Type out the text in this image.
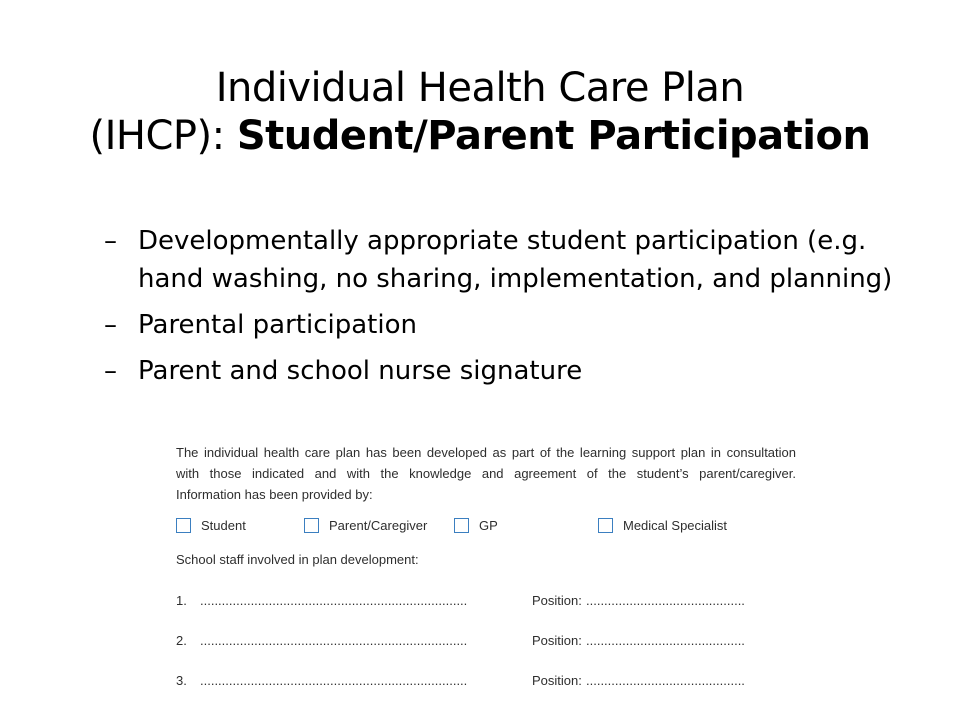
Individual Health Care Plan
(IHCP): Student/Parent Participation
– Developmentally appropriate student participation (e.g.
hand washing, no sharing, implementation, and planning)
– Parental participation
– Parent and school nurse signature
The individual health care plan has been developed as part of the learning support plan in consultation
with those indicated and with the knowledge and agreement of the student’s parent/caregiver.
Information has been provided by:
Student	Parent/Caregiver	GP	Medical Specialist
School staff involved in plan development:
1. ..........................................................................	Position: ............................................
2. ..........................................................................	Position: ............................................
3. ..........................................................................	Position: ............................................
